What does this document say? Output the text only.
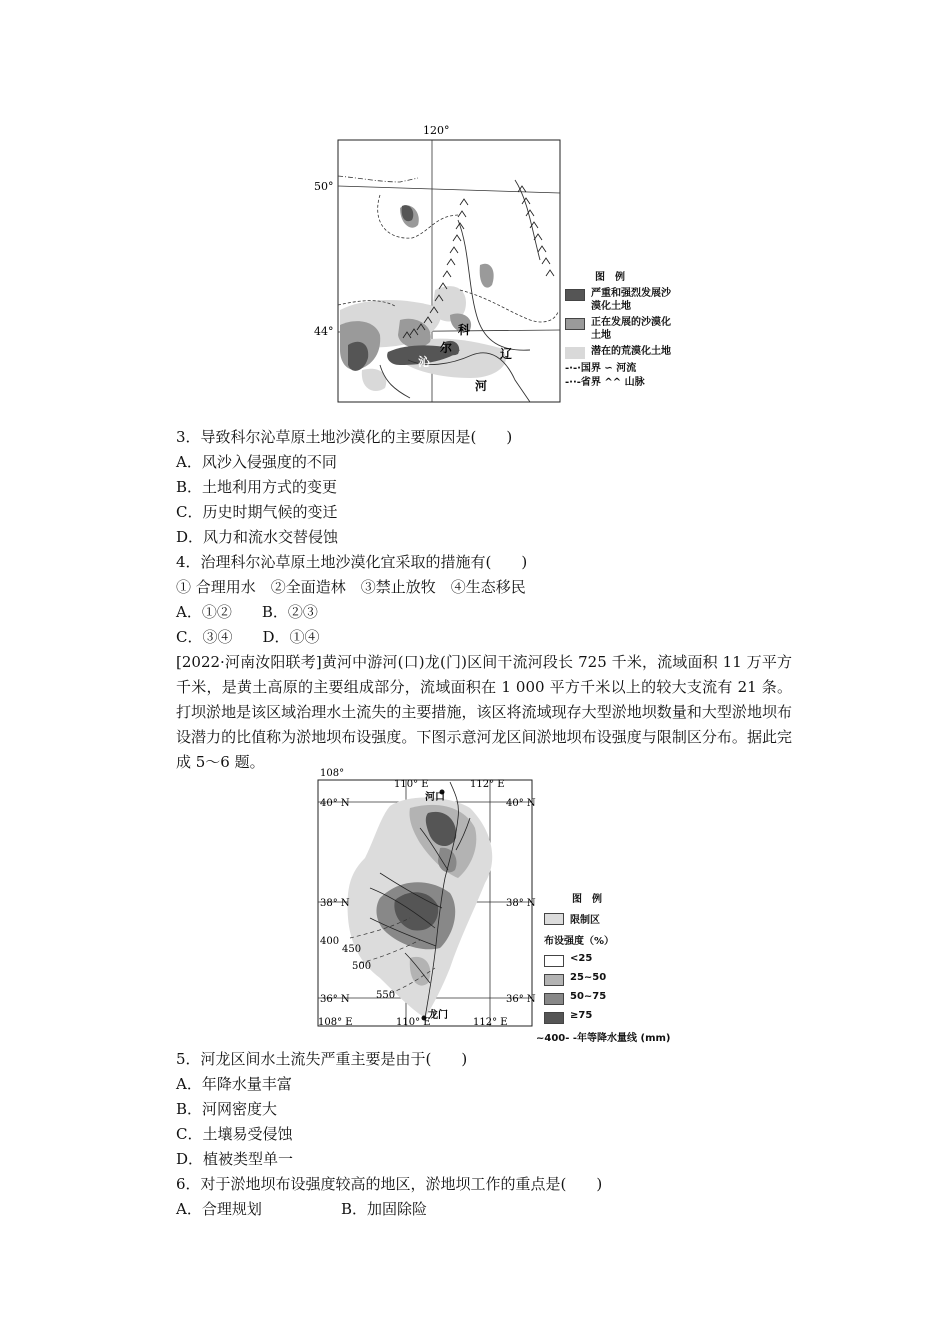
120°
50°
44°	科
尔
沁
辽
河
图　例
严重和强烈发展沙漠化土地
正在发展的沙漠化土地
潜在的荒漠化土地
-·-·国界 ∽ 河流
-··-省界 ^^ 山脉
3．导致科尔沁草原土地沙漠化的主要原因是(　　)
A．风沙入侵强度的不同
B．土地利用方式的变更
C．历史时期气候的变迁
D．风力和流水交替侵蚀
4．治理科尔沁草原土地沙漠化宜采取的措施有(　　)
① 合理用水　②全面造林　③禁止放牧　④生态移民
A．①②　　B．②③
C．③④　　D．①④
[2022·河南汝阳联考]黄河中游河(口)龙(门)区间干流河段长 725 千米，流域面积 11 万平方千米，是黄土高原的主要组成部分，流域面积在 1 000 平方千米以上的较大支流有 21 条。打坝淤地是该区域治理水土流失的主要措施，该区将流域现存大型淤地坝数量和大型淤地坝布设潜力的比值称为淤地坝布设强度。下图示意河龙区间淤地坝布设强度与限制区分布。据此完成 5～6 题。
108°
110° E	112° E
40° N	40° N
38° N	38° N
36° N	36° N
108° E	110° E	112° E
河口
龙门
400
450
500
550
图　例
限制区
布设强度（%）
<25
25~50
50~75
≥75
~400- -年等降水量线 (mm)
5．河龙区间水土流失严重主要是由于(　　)
A．年降水量丰富
B．河网密度大
C．土壤易受侵蚀
D．植被类型单一
6．对于淤地坝布设强度较高的地区，淤地坝工作的重点是(　　)
A．合理规划	B．加固除险
